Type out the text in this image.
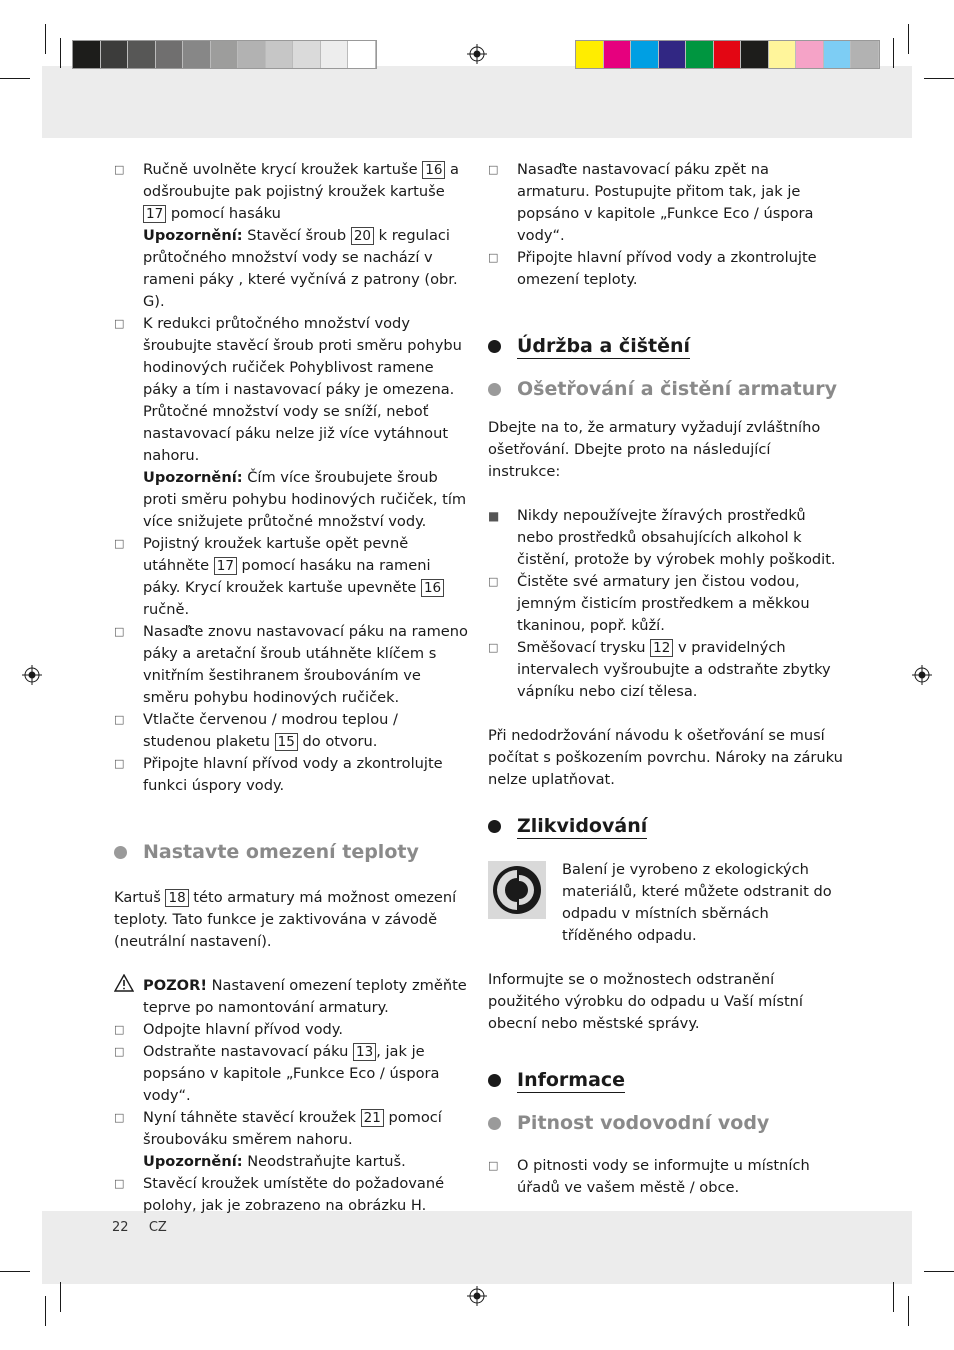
□ Ručně uvolněte krycí kroužek kartuše 16 a odšroubujte pak pojistný kroužek kartuše 17 pomocí hasáku
Upozornění: Stavěcí šroub 20 k regulaci průtočného množství vody se nachází v rameni páky , které vyčnívá z patrony (obr. G).
□ K redukci průtočného množství vody šroubujte stavěcí šroub proti směru pohybu hodinových ručiček Pohyblivost ramene páky a tím i nastavovací páky je omezena. Průtočné množství vody se sníží, neboť nastavovací páku nelze již více vytáhnout nahoru.
Upozornění: Čím více šroubujete šroub proti směru pohybu hodinových ručiček, tím více snižujete průtočné množství vody.
□ Pojistný kroužek kartuše opět pevně utáhněte 17 pomocí hasáku na rameni páky. Krycí kroužek kartuše upevněte 16 ručně.
□ Nasaďte znovu nastavovací páku na rameno páky a aretační šroub utáhněte klíčem s vnitřním šestihranem šroubováním ve směru pohybu hodinových ručiček.
□ Vtlačte červenou / modrou teplou / studenou plaketu 15 do otvoru.
□ Připojte hlavní přívod vody a zkontrolujte funkci úspory vody.
Nastavte omezení teploty

Kartuš 18 této armatury má možnost omezení teploty. Tato funkce je zaktivována v závodě (neutrální nastavení).

POZOR! Nastavení omezení teploty změňte teprve po namontování armatury.
□ Odpojte hlavní přívod vody.
□ Odstraňte nastavovací páku 13 , jak je popsáno v kapitole „Funkce Eco / úspora vody“.
□ Nyní táhněte stavěcí kroužek 21 pomocí šroubováku směrem nahoru.
Upozornění: Neodstraňujte kartuš.
□ Stavěcí kroužek umístěte do požadované polohy, jak je zobrazeno na obrázku H.
□ Nasaďte nastavovací páku zpět na armaturu. Postupujte přitom tak, jak je popsáno v kapitole „Funkce Eco / úspora vody“.
□ Připojte hlavní přívod vody a zkontrolujte omezení teploty.
Údržba a čištění
Ošetřování a čistění armatury

Dbejte na to, že armatury vyžadují zvláštního ošetřování. Dbejte proto na následující instrukce:

■ Nikdy nepoužívejte žíravých prostředků nebo prostředků obsahujících alkohol k čistění, protože by výrobek mohly poškodit.
□ Čistěte své armatury jen čistou vodou, jemným čisticím prostředkem a měkkou tkaninou, popř. kůží.
□ Směšovací trysku 12 v pravidelných intervalech vyšroubujte a odstraňte zbytky vápníku nebo cizí tělesa.

Při nedodržování návodu k ošetřování se musí počítat s poškozením povrchu. Nároky na záruku nelze uplatňovat.

Zlikvidování

Balení je vyrobeno z ekologických materiálů, které můžete odstranit do odpadu v místních sběrnách tříděného odpadu.

Informujte se o možnostech odstranění použitého výrobku do odpadu u Vaší místní obecní nebo městské správy.

Informace
Pitnost vodovodní vody
□ O pitnosti vody se informujte u místních úřadů ve vašem městě / obce.
22 CZ
